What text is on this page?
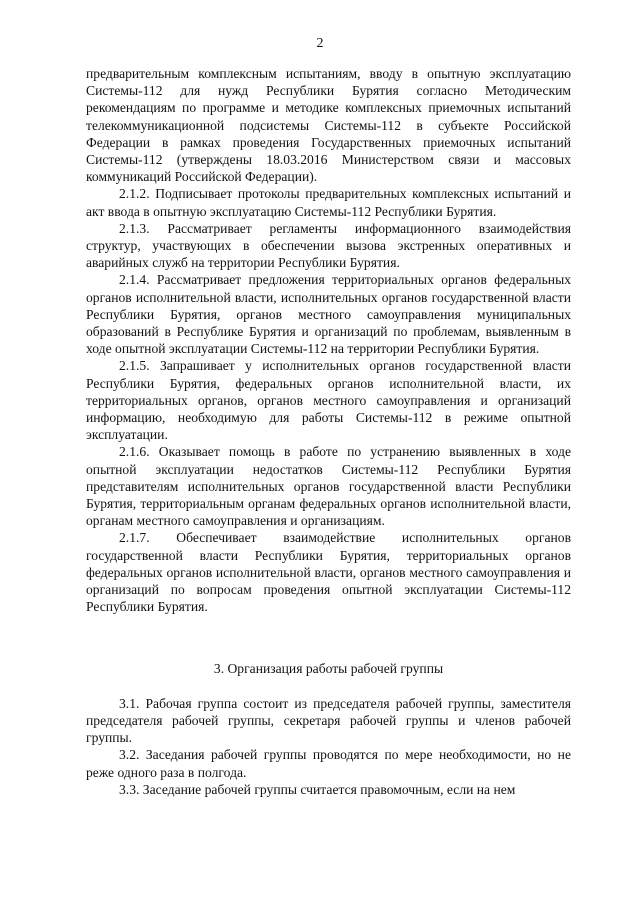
2

предварительным комплексным испытаниям, вводу в опытную эксплуатацию Системы-112 для нужд Республики Бурятия согласно Методическим рекомендациям по программе и методике комплексных приемочных испытаний телекоммуникационной подсистемы Системы-112 в субъекте Российской Федерации в рамках проведения Государственных приемочных испытаний Системы-112 (утверждены 18.03.2016 Министерством связи и массовых коммуникаций Российской Федерации).

2.1.2. Подписывает протоколы предварительных комплексных испытаний и акт ввода в опытную эксплуатацию Системы-112 Республики Бурятия.

2.1.3. Рассматривает регламенты информационного взаимодействия структур, участвующих в обеспечении вызова экстренных оперативных и аварийных служб на территории Республики Бурятия.

2.1.4. Рассматривает предложения территориальных органов федеральных органов исполнительной власти, исполнительных органов государственной власти Республики Бурятия, органов местного самоуправления муниципальных образований в Республике Бурятия и организаций по проблемам, выявленным в ходе опытной эксплуатации Системы-112 на территории Республики Бурятия.

2.1.5. Запрашивает у исполнительных органов государственной власти Республики Бурятия, федеральных органов исполнительной власти, их территориальных органов, органов местного самоуправления и организаций информацию, необходимую для работы Системы-112 в режиме опытной эксплуатации.

2.1.6. Оказывает помощь в работе по устранению выявленных в ходе опытной эксплуатации недостатков Системы-112 Республики Бурятия представителям исполнительных органов государственной власти Республики Бурятия, территориальным органам федеральных органов исполнительной власти, органам местного самоуправления и организациям.

2.1.7. Обеспечивает взаимодействие исполнительных органов государственной власти Республики Бурятия, территориальных органов федеральных органов исполнительной власти, органов местного самоуправления и организаций по вопросам проведения опытной эксплуатации Системы-112 Республики Бурятия.

3. Организация работы рабочей группы

3.1. Рабочая группа состоит из председателя рабочей группы, заместителя председателя рабочей группы, секретаря рабочей группы и членов рабочей группы.

3.2. Заседания рабочей группы проводятся по мере необходимости, но не реже одного раза в полгода.

3.3. Заседание рабочей группы считается правомочным, если на нем
